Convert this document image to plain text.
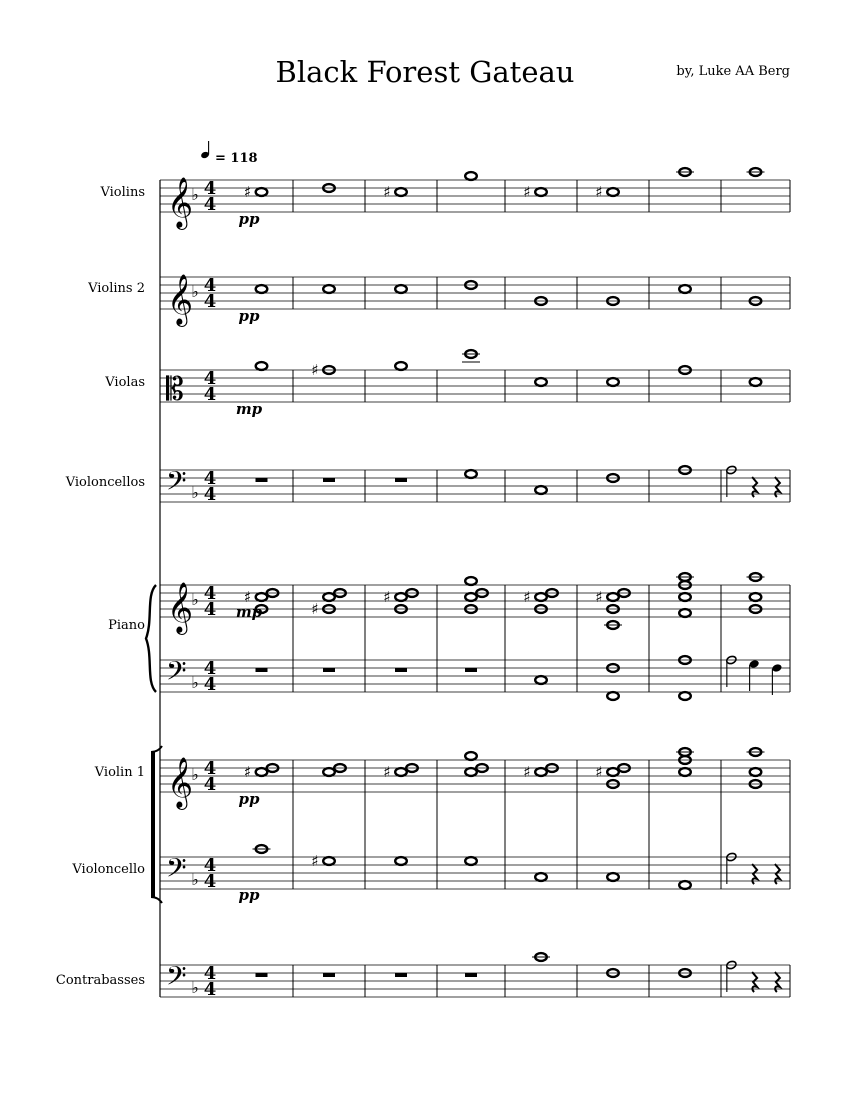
Black Forest Gateau	by, Luke AA Berg
= 118
𝄞
♭ 4
4
Violins
pp
♯	♯	♯	♯
𝄞
♭ 4
4
Violins 2
pp
𝄡 4
4
Violas
mp
♯
𝄢 ♭
4
4
Violoncellos
𝄞
♭ 4
4
Piano
mp
♯
♯
♯	♯	♯
𝄢 ♭
4
4
𝄞
♭ 4
4
Violin 1
pp
♯	♯	♯	♯
𝄢 ♭
4
4
Violoncello
pp
♯
𝄢 ♭
4
4
Contrabasses
